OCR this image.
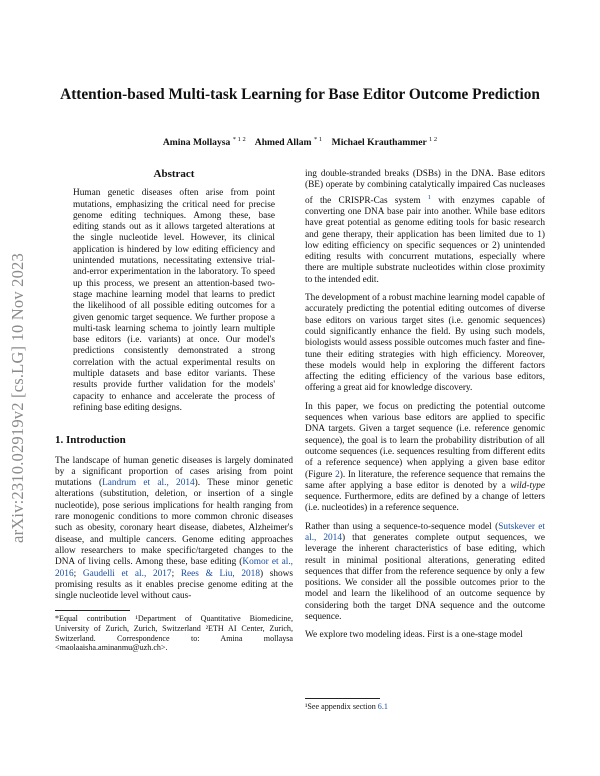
arXiv:2310.02919v2 [cs.LG] 10 Nov 2023
Attention-based Multi-task Learning for Base Editor Outcome Prediction
Amina Mollaysa $^{* 1 2}$ Ahmed Allam $^{* 1}$ Michael Krauthammer $^{1 2}$
Abstract
Human genetic diseases often arise from point mutations, emphasizing the critical need for precise genome editing techniques. Among these, base editing stands out as it allows targeted alterations at the single nucleotide level. However, its clinical application is hindered by low editing efficiency and unintended mutations, necessitating extensive trial-and-error experimentation in the laboratory. To speed up this process, we present an attention-based two-stage machine learning model that learns to predict the likelihood of all possible editing outcomes for a given genomic target sequence. We further propose a multi-task learning schema to jointly learn multiple base editors (i.e. variants) at once. Our model's predictions consistently demonstrated a strong correlation with the actual experimental results on multiple datasets and base editor variants. These results provide further validation for the models' capacity to enhance and accelerate the process of refining base editing designs.
1. Introduction
The landscape of human genetic diseases is largely dominated by a significant proportion of cases arising from point mutations (Landrum et al., 2014). These minor genetic alterations (substitution, deletion, or insertion of a single nucleotide), pose serious implications for health ranging from rare monogenic conditions to more common chronic diseases such as obesity, coronary heart disease, diabetes, Alzheimer's disease, and multiple cancers. Genome editing approaches allow researchers to make specific/targeted changes to the DNA of living cells. Among these, base editing (Komor et al., 2016; Gaudelli et al., 2017; Rees & Liu, 2018) shows promising results as it enables precise genome editing at the single nucleotide level without caus-
*Equal contribution ¹Department of Quantitative Biomedicine, University of Zurich, Zurich, Switzerland ²ETH AI Center, Zurich, Switzerland. Correspondence to: Amina mollaysa <maolaaisha.aminanmu@uzh.ch>.
ing double-stranded breaks (DSBs) in the DNA. Base editors (BE) operate by combining catalytically impaired Cas nucleases of the CRISPR-Cas system $^1$ with enzymes capable of converting one DNA base pair into another. While base editors have great potential as genome editing tools for basic research and gene therapy, their application has been limited due to 1) low editing efficiency on specific sequences or 2) unintended editing results with concurrent mutations, especially where there are multiple substrate nucleotides within close proximity to the intended edit.
The development of a robust machine learning model capable of accurately predicting the potential editing outcomes of diverse base editors on various target sites (i.e. genomic sequences) could significantly enhance the field. By using such models, biologists would assess possible outcomes much faster and fine-tune their editing strategies with high efficiency. Moreover, these models would help in exploring the different factors affecting the editing efficiency of the various base editors, offering a great aid for knowledge discovery.
In this paper, we focus on predicting the potential outcome sequences when various base editors are applied to specific DNA targets. Given a target sequence (i.e. reference genomic sequence), the goal is to learn the probability distribution of all outcome sequences (i.e. sequences resulting from different edits of a reference sequence) when applying a given base editor (Figure 2). In literature, the reference sequence that remains the same after applying a base editor is denoted by a wild-type sequence. Furthermore, edits are defined by a change of letters (i.e. nucleotides) in a reference sequence.
Rather than using a sequence-to-sequence model (Sutskever et al., 2014) that generates complete output sequences, we leverage the inherent characteristics of base editing, which result in minimal positional alterations, generating edited sequences that differ from the reference sequence by only a few positions. We consider all the possible outcomes prior to the model and learn the likelihood of an outcome sequence by considering both the target DNA sequence and the outcome sequence.
We explore two modeling ideas. First is a one-stage model
¹See appendix section 6.1
